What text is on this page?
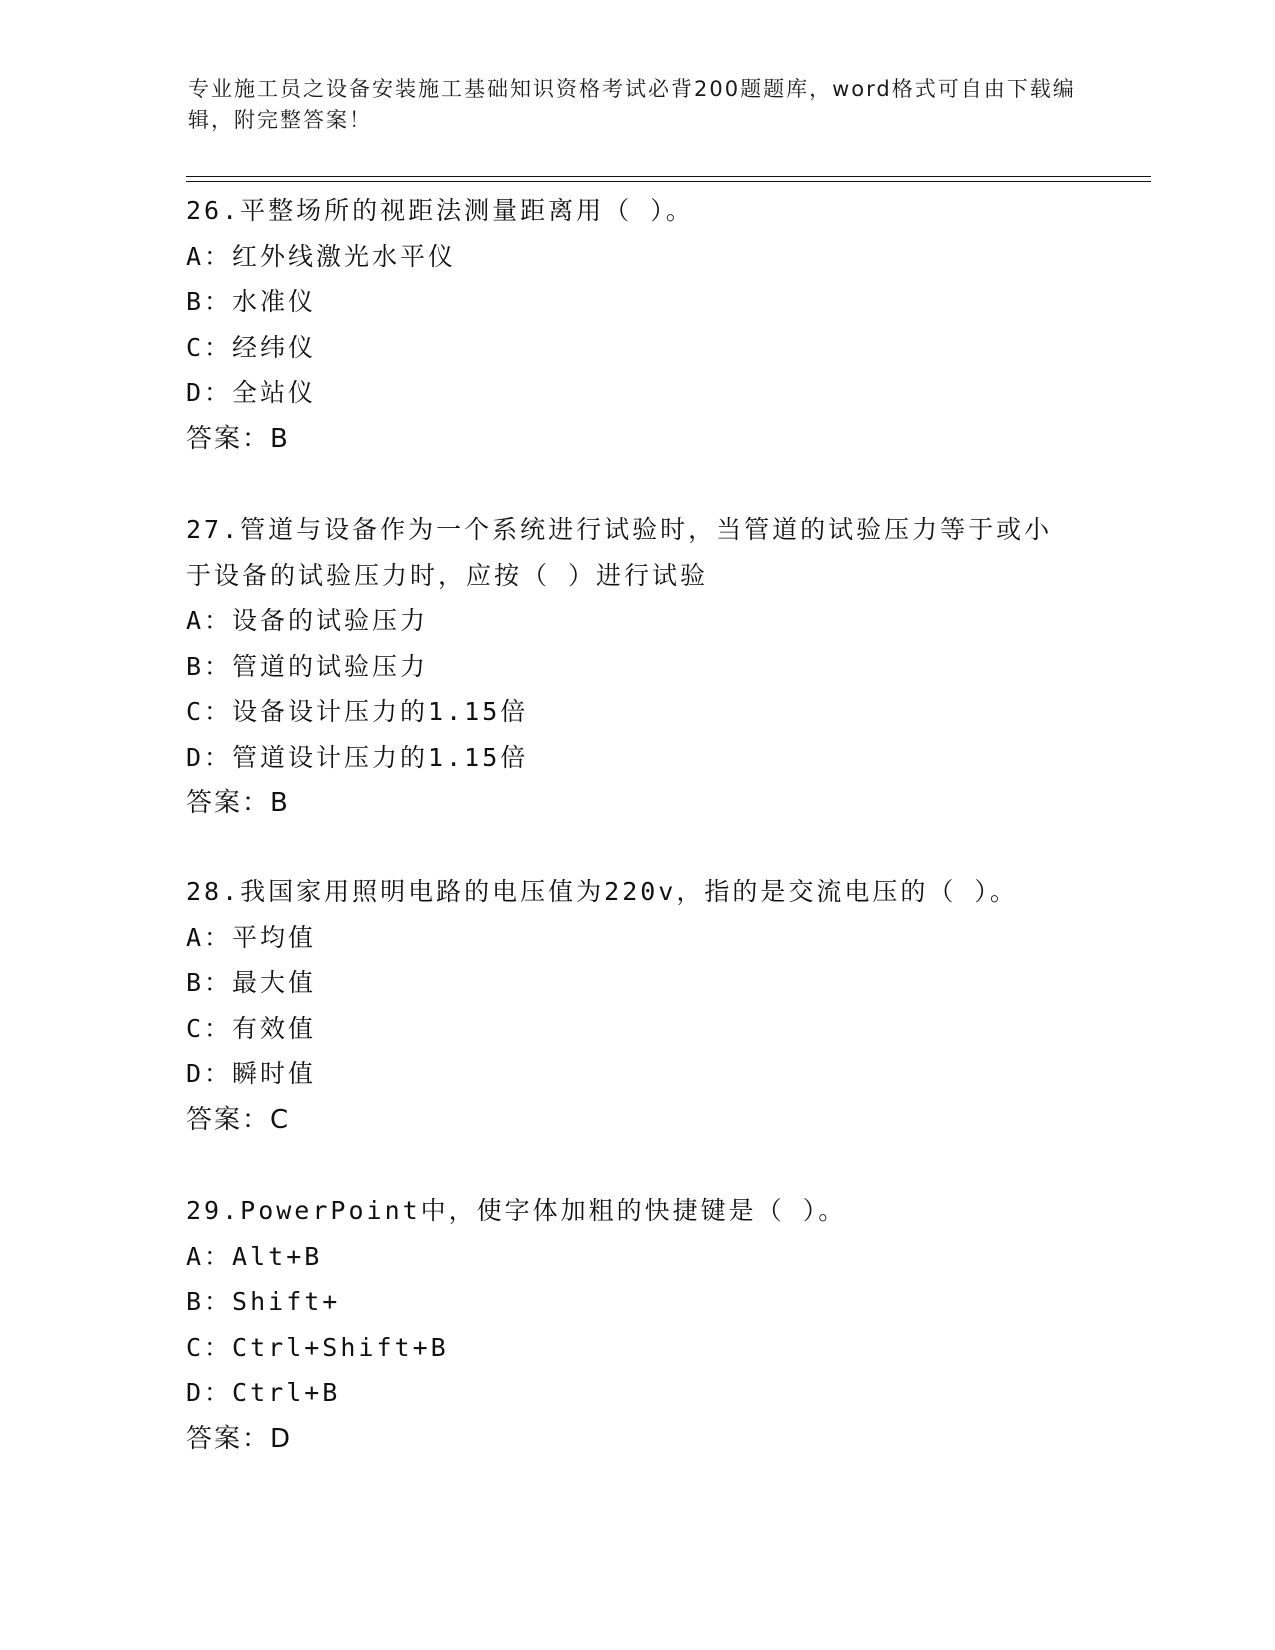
专业施工员之设备安装施工基础知识资格考试必背200题题库，word格式可自由下载编辑，附完整答案！
26.平整场所的视距法测量距离用（ ）。
A：红外线激光水平仪
B：水准仪
C：经纬仪
D：全站仪
答案：B
27.管道与设备作为一个系统进行试验时，当管道的试验压力等于或小于设备的试验压力时，应按（ ）进行试验
A：设备的试验压力
B：管道的试验压力
C：设备设计压力的1.15倍
D：管道设计压力的1.15倍
答案：B
28.我国家用照明电路的电压值为220v，指的是交流电压的（ ）。
A：平均值
B：最大值
C：有效值
D：瞬时值
答案：C
29.PowerPoint中，使字体加粗的快捷键是（ ）。
A：Alt+B
B：Shift+
C：Ctrl+Shift+B
D：Ctrl+B
答案：D
